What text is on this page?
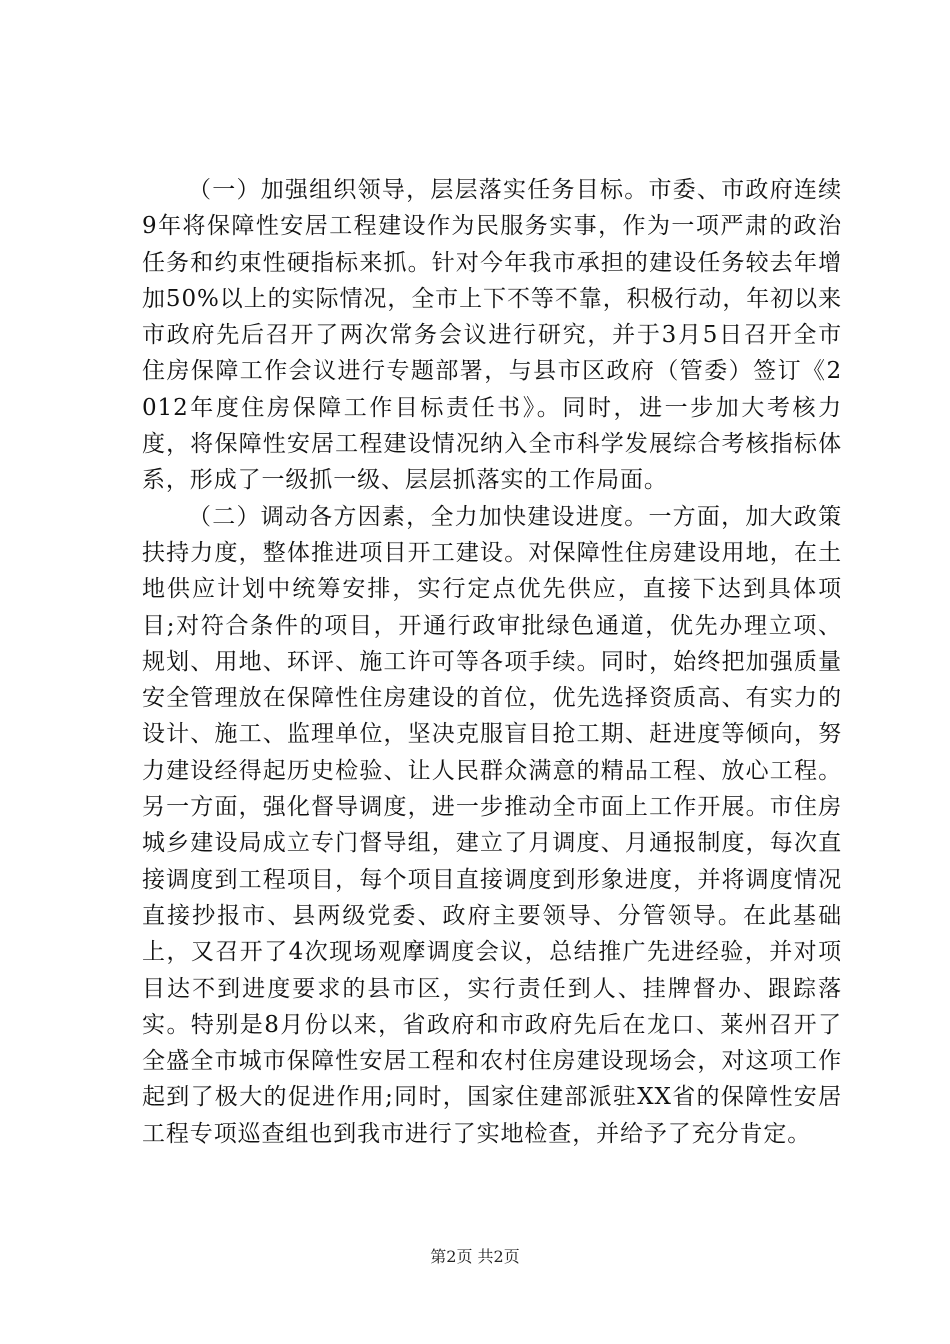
（一）加强组织领导，层层落实任务目标。市委、市政府连续9年将保障性安居工程建设作为民服务实事，作为一项严肃的政治任务和约束性硬指标来抓。针对今年我市承担的建设任务较去年增加50%以上的实际情况，全市上下不等不靠，积极行动，年初以来市政府先后召开了两次常务会议进行研究，并于3月5日召开全市住房保障工作会议进行专题部署，与县市区政府（管委）签订《2012年度住房保障工作目标责任书》。同时，进一步加大考核力度，将保障性安居工程建设情况纳入全市科学发展综合考核指标体系，形成了一级抓一级、层层抓落实的工作局面。

（二）调动各方因素，全力加快建设进度。一方面，加大政策扶持力度，整体推进项目开工建设。对保障性住房建设用地，在土地供应计划中统筹安排，实行定点优先供应，直接下达到具体项目;对符合条件的项目，开通行政审批绿色通道，优先办理立项、规划、用地、环评、施工许可等各项手续。同时，始终把加强质量安全管理放在保障性住房建设的首位，优先选择资质高、有实力的设计、施工、监理单位，坚决克服盲目抢工期、赶进度等倾向，努力建设经得起历史检验、让人民群众满意的精品工程、放心工程。另一方面，强化督导调度，进一步推动全市面上工作开展。市住房城乡建设局成立专门督导组，建立了月调度、月通报制度，每次直接调度到工程项目，每个项目直接调度到形象进度，并将调度情况直接抄报市、县两级党委、政府主要领导、分管领导。在此基础上，又召开了4次现场观摩调度会议，总结推广先进经验，并对项目达不到进度要求的县市区，实行责任到人、挂牌督办、跟踪落实。特别是8月份以来，省政府和市政府先后在龙口、莱州召开了全盛全市城市保障性安居工程和农村住房建设现场会，对这项工作起到了极大的促进作用;同时，国家住建部派驻XX省的保障性安居工程专项巡查组也到我市进行了实地检查，并给予了充分肯定。

第2页 共2页
